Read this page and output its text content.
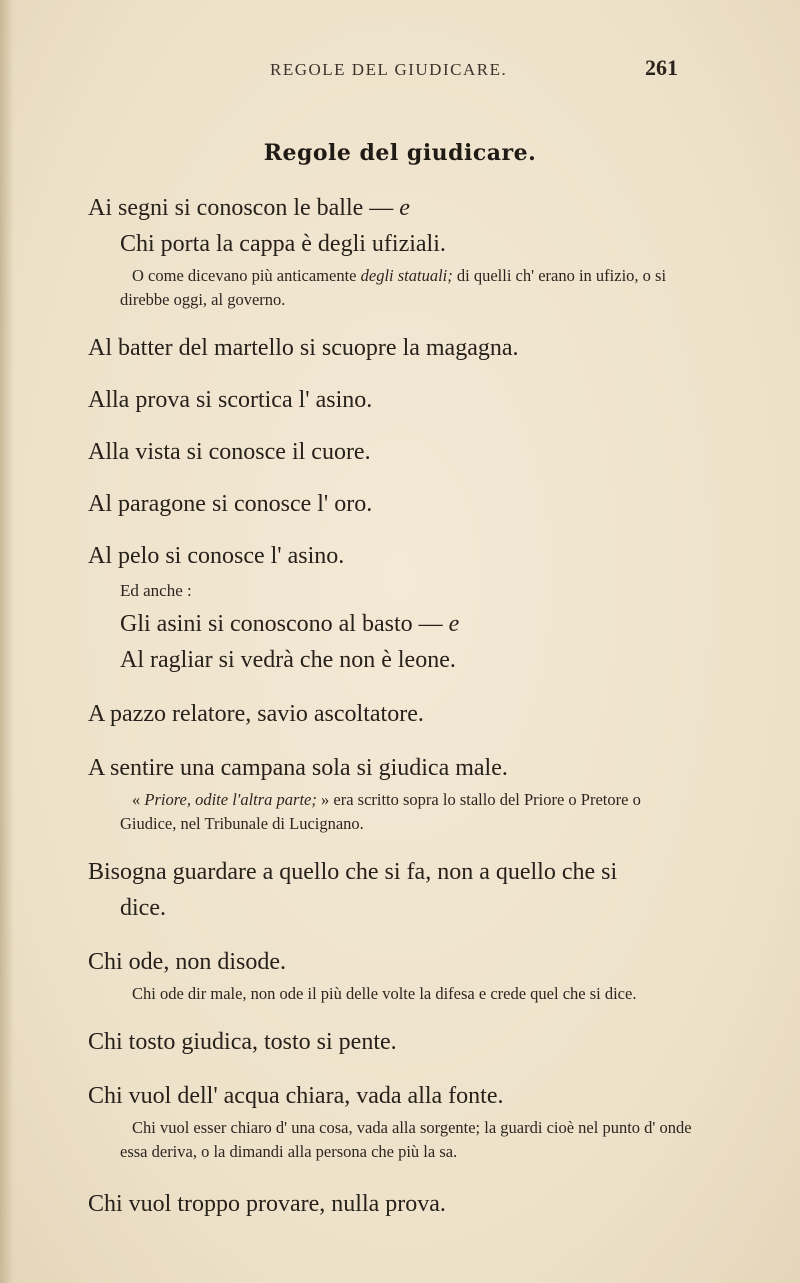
REGOLE DEL GIUDICARE.	261
Regole del giudicare.

Ai segni si conoscon le balle — e

Chi porta la cappa è degli ufiziali.

O come dicevano più anticamente degli statuali; di quelli ch' erano in ufizio, o si direbbe oggi, al governo.

Al batter del martello si scuopre la magagna.

Alla prova si scortica l' asino.

Alla vista si conosce il cuore.

Al paragone si conosce l' oro.

Al pelo si conosce l' asino.

Ed anche :

Gli asini si conoscono al basto — e

Al ragliar si vedrà che non è leone.

A pazzo relatore, savio ascoltatore.

A sentire una campana sola si giudica male.

« Priore, odite l'altra parte; » era scritto sopra lo stallo del Priore o Pretore o Giudice, nel Tribunale di Lucignano.

Bisogna guardare a quello che si fa, non a quello che si

dice.

Chi ode, non disode.

Chi ode dir male, non ode il più delle volte la difesa e crede quel che si dice.

Chi tosto giudica, tosto si pente.

Chi vuol dell' acqua chiara, vada alla fonte.

Chi vuol esser chiaro d' una cosa, vada alla sorgente; la guardi cioè nel punto d' onde essa deriva, o la dimandi alla persona che più la sa.

Chi vuol troppo provare, nulla prova.
